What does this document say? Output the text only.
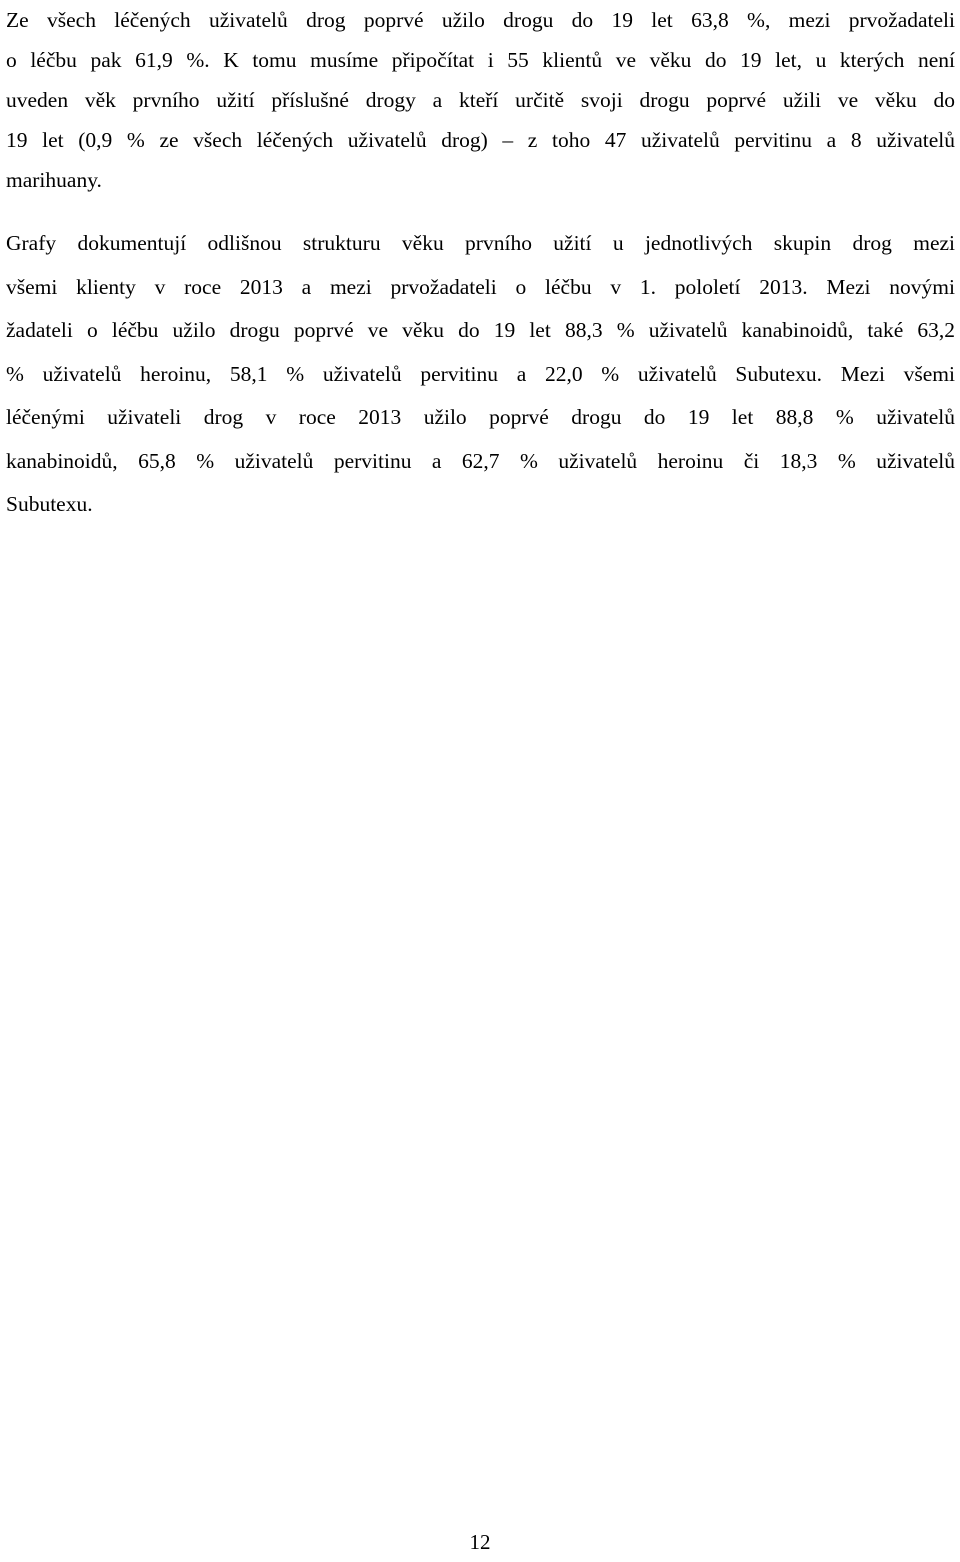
Ze všech léčených uživatelů drog poprvé užilo drogu do 19 let 63,8 %, mezi prvožadateli
o léčbu pak 61,9 %. K tomu musíme připočítat i 55 klientů ve věku do 19 let, u kterých není
uveden věk prvního užití příslušné drogy a kteří určitě svoji drogu poprvé užili ve věku do
19 let (0,9 % ze všech léčených uživatelů drog) – z toho 47 uživatelů pervitinu a 8 uživatelů
marihuany.

Grafy dokumentují odlišnou strukturu věku prvního užití u jednotlivých skupin drog mezi
všemi klienty v roce 2013 a mezi prvožadateli o léčbu v 1. pololetí 2013. Mezi novými
žadateli o léčbu užilo drogu poprvé ve věku do 19 let 88,3 % uživatelů kanabinoidů, také 63,2
% uživatelů heroinu, 58,1 % uživatelů pervitinu a 22,0 % uživatelů Subutexu. Mezi všemi
léčenými uživateli drog v roce 2013 užilo poprvé drogu do 19 let 88,8 % uživatelů
kanabinoidů, 65,8 % uživatelů pervitinu a 62,7 % uživatelů heroinu či 18,3 % uživatelů
Subutexu.

12
